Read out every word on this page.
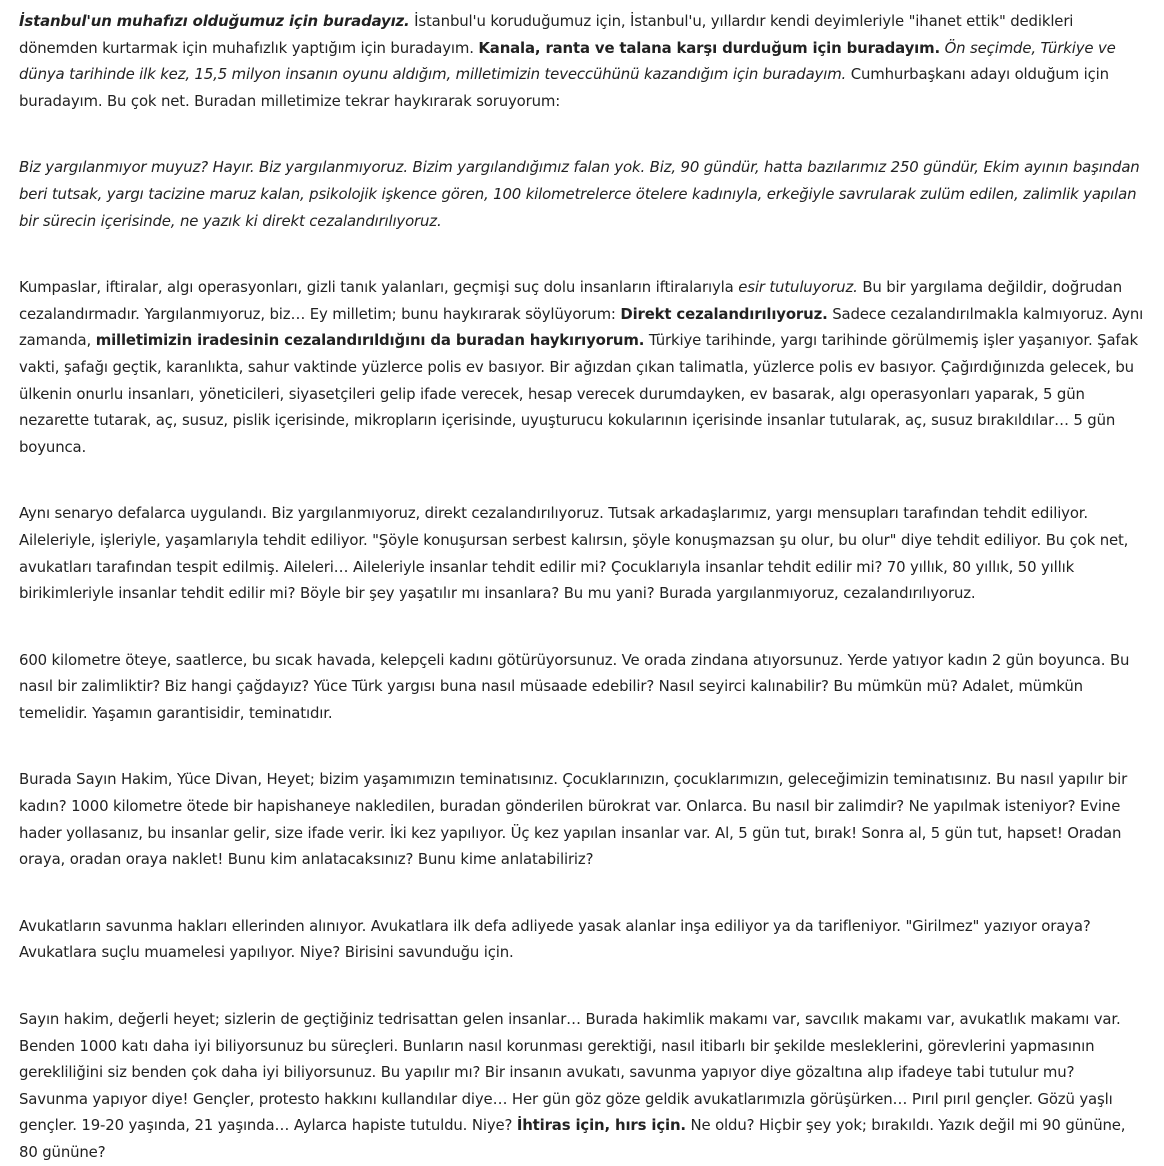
İstanbul'un muhafızı olduğumuz için buradayız. İstanbul'u koruduğumuz için, İstanbul'u, yıllardır kendi deyimleriyle "ihanet ettik" dedikleri dönemden kurtarmak için muhafızlık yaptığım için buradayım. Kanala, ranta ve talana karşı durduğum için buradayım. Ön seçimde, Türkiye ve dünya tarihinde ilk kez, 15,5 milyon insanın oyunu aldığım, milletimizin teveccühünü kazandığım için buradayım. Cumhurbaşkanı adayı olduğum için buradayım. Bu çok net. Buradan milletimize tekrar haykırarak soruyorum:

Biz yargılanmıyor muyuz? Hayır. Biz yargılanmıyoruz. Bizim yargılandığımız falan yok. Biz, 90 gündür, hatta bazılarımız 250 gündür, Ekim ayının başından beri tutsak, yargı tacizine maruz kalan, psikolojik işkence gören, 100 kilometrelerce ötelere kadınıyla, erkeğiyle savrularak zulüm edilen, zalimlik yapılan bir sürecin içerisinde, ne yazık ki direkt cezalandırılıyoruz.

Kumpaslar, iftiralar, algı operasyonları, gizli tanık yalanları, geçmişi suç dolu insanların iftiralarıyla esir tutuluyoruz. Bu bir yargılama değildir, doğrudan cezalandırmadır. Yargılanmıyoruz, biz… Ey milletim; bunu haykırarak söylüyorum: Direkt cezalandırılıyoruz. Sadece cezalandırılmakla kalmıyoruz. Aynı zamanda, milletimizin iradesinin cezalandırıldığını da buradan haykırıyorum. Türkiye tarihinde, yargı tarihinde görülmemiş işler yaşanıyor. Şafak vakti, şafağı geçtik, karanlıkta, sahur vaktinde yüzlerce polis ev basıyor. Bir ağızdan çıkan talimatla, yüzlerce polis ev basıyor. Çağırdığınızda gelecek, bu ülkenin onurlu insanları, yöneticileri, siyasetçileri gelip ifade verecek, hesap verecek durumdayken, ev basarak, algı operasyonları yaparak, 5 gün nezarette tutarak, aç, susuz, pislik içerisinde, mikropların içerisinde, uyuşturucu kokularının içerisinde insanlar tutularak, aç, susuz bırakıldılar… 5 gün boyunca.

Aynı senaryo defalarca uygulandı. Biz yargılanmıyoruz, direkt cezalandırılıyoruz. Tutsak arkadaşlarımız, yargı mensupları tarafından tehdit ediliyor. Aileleriyle, işleriyle, yaşamlarıyla tehdit ediliyor. "Şöyle konuşursan serbest kalırsın, şöyle konuşmazsan şu olur, bu olur" diye tehdit ediliyor. Bu çok net, avukatları tarafından tespit edilmiş. Aileleri… Aileleriyle insanlar tehdit edilir mi? Çocuklarıyla insanlar tehdit edilir mi? 70 yıllık, 80 yıllık, 50 yıllık birikimleriyle insanlar tehdit edilir mi? Böyle bir şey yaşatılır mı insanlara? Bu mu yani? Burada yargılanmıyoruz, cezalandırılıyoruz.

600 kilometre öteye, saatlerce, bu sıcak havada, kelepçeli kadını götürüyorsunuz. Ve orada zindana atıyorsunuz. Yerde yatıyor kadın 2 gün boyunca. Bu nasıl bir zalimliktir? Biz hangi çağdayız? Yüce Türk yargısı buna nasıl müsaade edebilir? Nasıl seyirci kalınabilir? Bu mümkün mü? Adalet, mümkün temelidir. Yaşamın garantisidir, teminatıdır.

Burada Sayın Hakim, Yüce Divan, Heyet; bizim yaşamımızın teminatısınız. Çocuklarınızın, çocuklarımızın, geleceğimizin teminatısınız. Bu nasıl yapılır bir kadın? 1000 kilometre ötede bir hapishaneye nakledilen, buradan gönderilen bürokrat var. Onlarca. Bu nasıl bir zalimdir? Ne yapılmak isteniyor? Evine hader yollasanız, bu insanlar gelir, size ifade verir. İki kez yapılıyor. Üç kez yapılan insanlar var. Al, 5 gün tut, bırak! Sonra al, 5 gün tut, hapset! Oradan oraya, oradan oraya naklet! Bunu kim anlatacaksınız? Bunu kime anlatabiliriz?

Avukatların savunma hakları ellerinden alınıyor. Avukatlara ilk defa adliyede yasak alanlar inşa ediliyor ya da tarifleniyor. "Girilmez" yazıyor oraya? Avukatlara suçlu muamelesi yapılıyor. Niye? Birisini savunduğu için.

Sayın hakim, değerli heyet; sizlerin de geçtiğiniz tedrisattan gelen insanlar… Burada hakimlik makamı var, savcılık makamı var, avukatlık makamı var. Benden 1000 katı daha iyi biliyorsunuz bu süreçleri. Bunların nasıl korunması gerektiği, nasıl itibarlı bir şekilde mesleklerini, görevlerini yapmasının gerekliliğini siz benden çok daha iyi biliyorsunuz. Bu yapılır mı? Bir insanın avukatı, savunma yapıyor diye gözaltına alıp ifadeye tabi tutulur mu? Savunma yapıyor diye! Gençler, protesto hakkını kullandılar diye… Her gün göz göze geldik avukatlarımızla görüşürken… Pırıl pırıl gençler. Gözü yaşlı gençler. 19-20 yaşında, 21 yaşında… Aylarca hapiste tutuldu. Niye? İhtiras için, hırs için. Ne oldu? Hiçbir şey yok; bırakıldı. Yazık değil mi 90 gününe, 80 gününe?
